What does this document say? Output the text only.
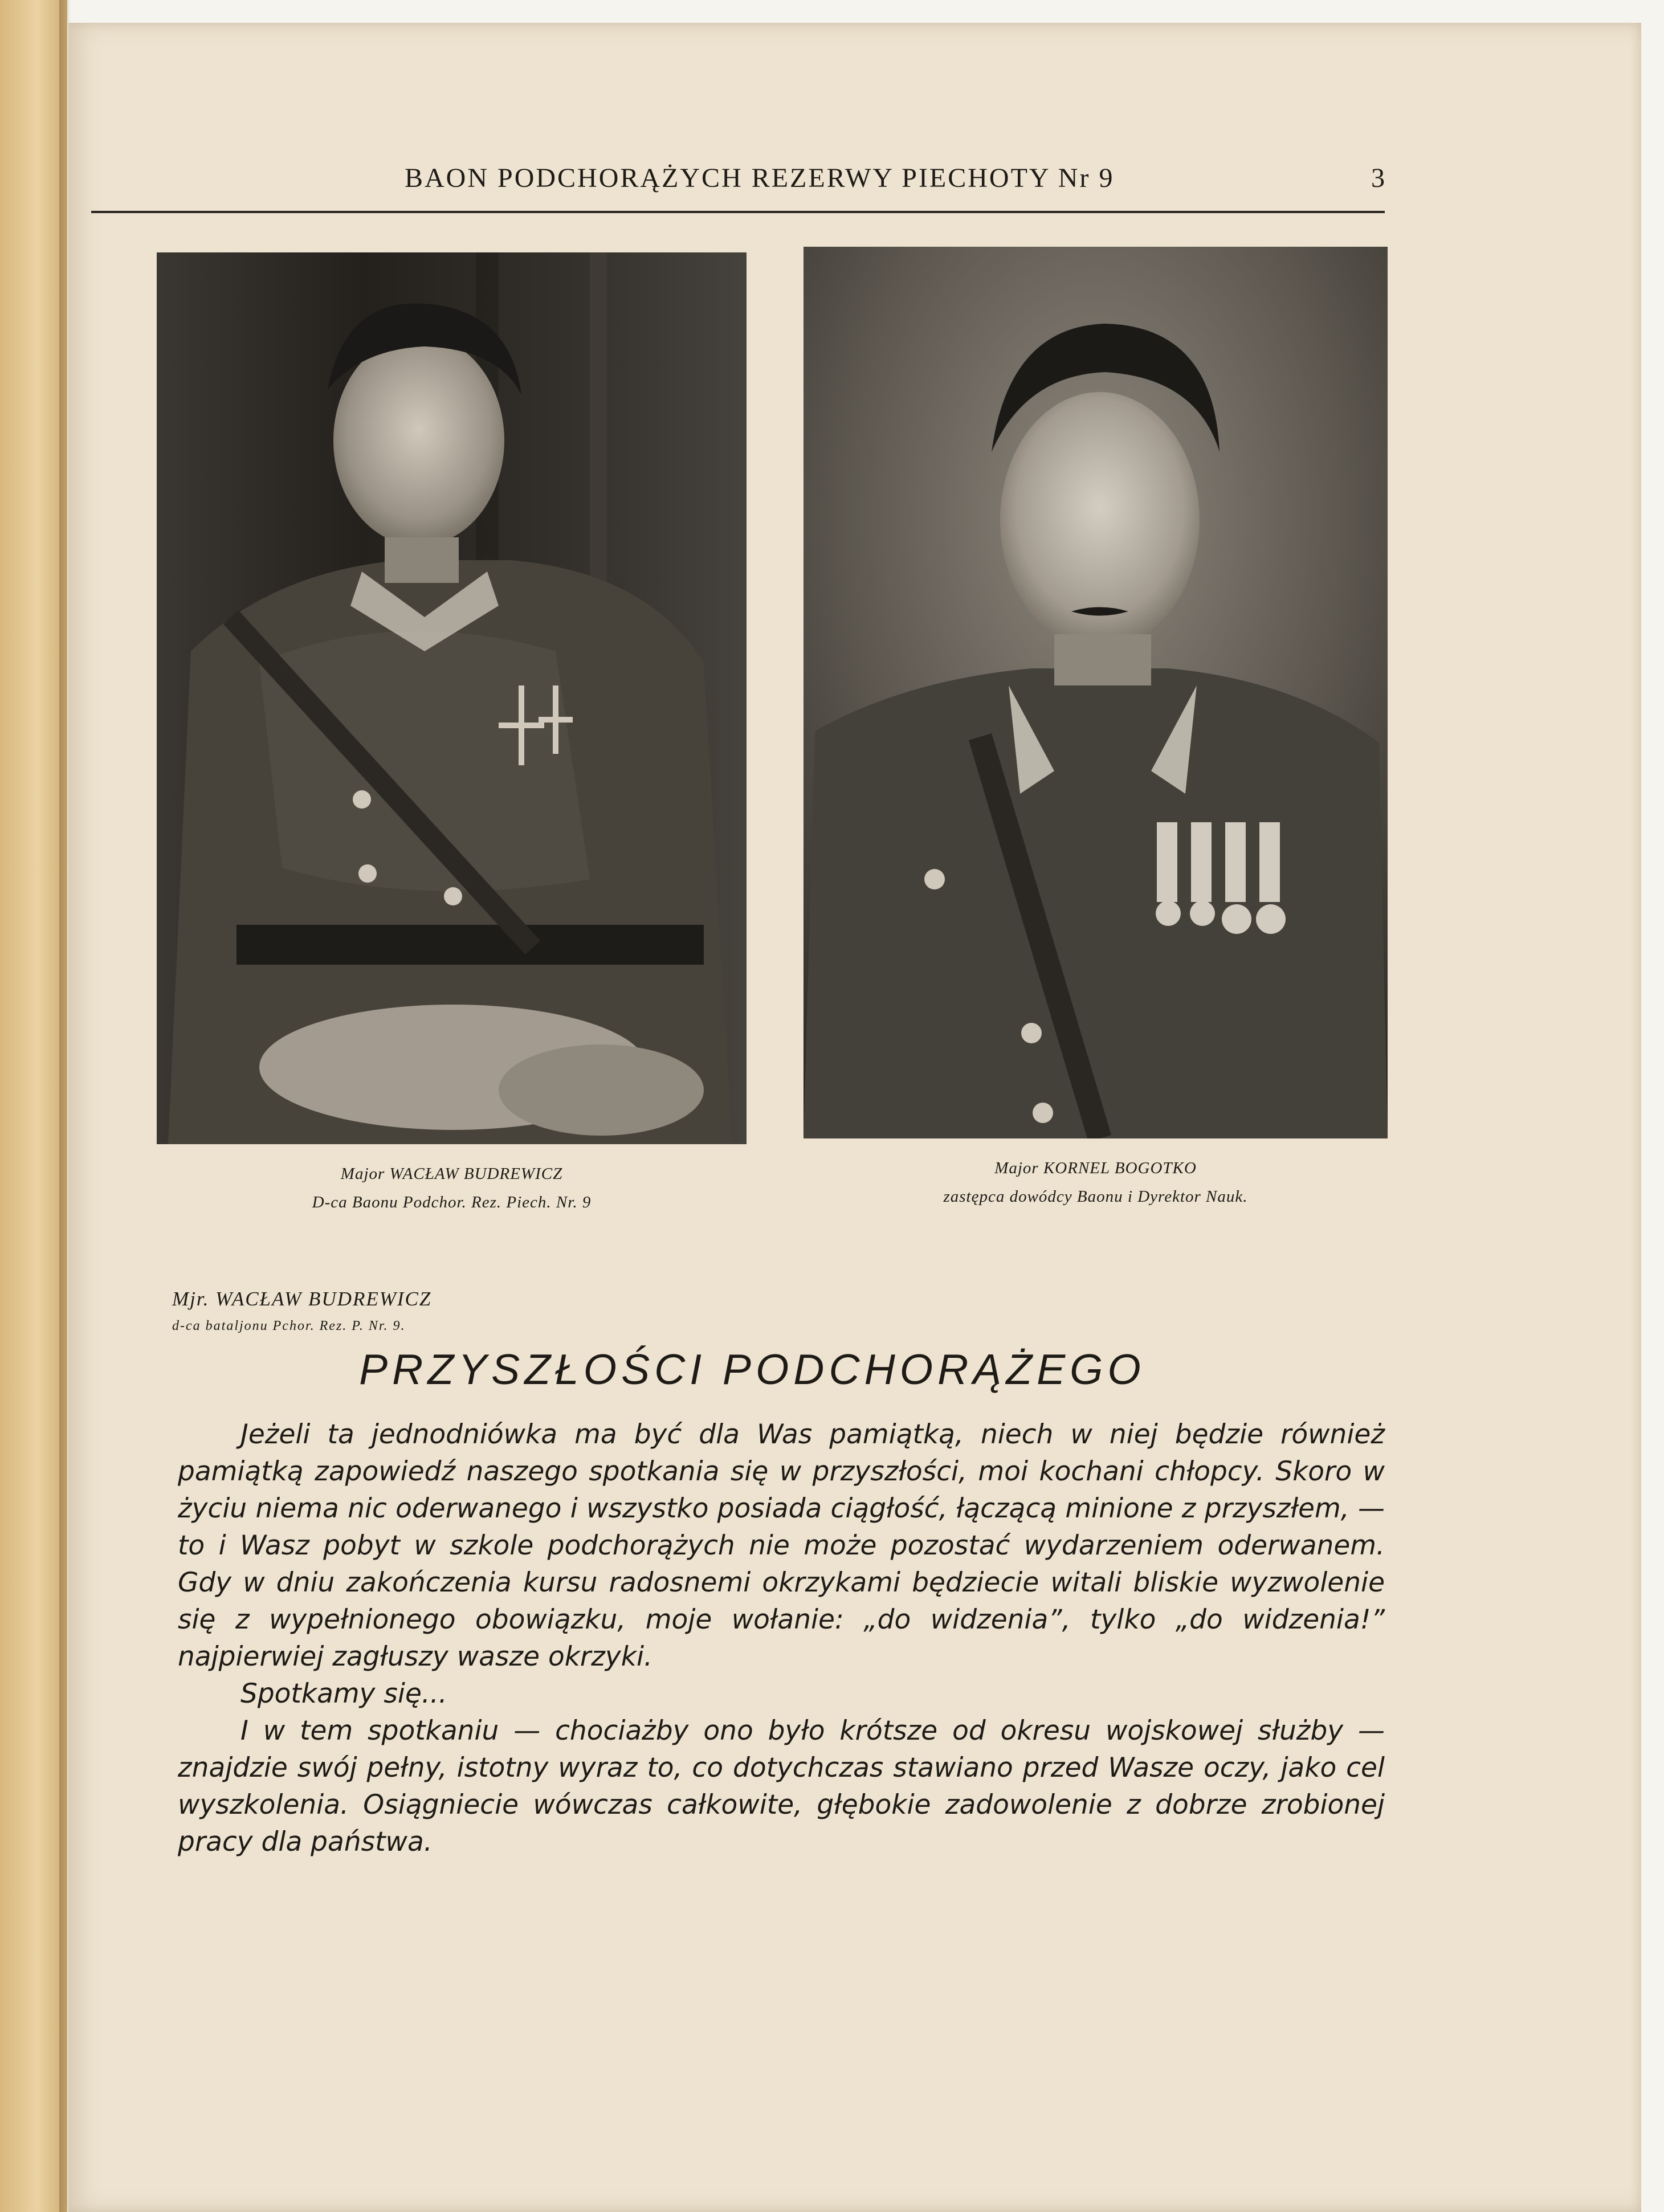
BAON PODCHORĄŻYCH REZERWY PIECHOTY Nr 9	3
Major WACŁAW BUDREWICZ
D-ca Baonu Podchor. Rez. Piech. Nr. 9
Major KORNEL BOGOTKO
zastępca dowódcy Baonu i Dyrektor Nauk.
Mjr. WACŁAW BUDREWICZ
d-ca bataljonu Pchor. Rez. P. Nr. 9.
PRZYSZŁOŚCI PODCHORĄŻEGO

Jeżeli ta jednodniówka ma być dla Was pamiątką, niech w niej będzie również pamiątką zapowiedź naszego spotkania się w przyszłości, moi kochani chłopcy. Skoro w życiu niema nic oderwanego i wszystko posiada ciągłość, łączącą minione z przyszłem, — to i Wasz pobyt w szkole podchorążych nie może pozostać wydarzeniem oderwanem. Gdy w dniu zakończenia kursu radosnemi okrzykami będziecie witali bliskie wyzwolenie się z wypełnionego obowiązku, moje wołanie: „do widzenia”, tylko „do widzenia!” najpierwiej zagłuszy wasze okrzyki.

Spotkamy się...

I w tem spotkaniu — chociażby ono było krótsze od okresu wojskowej służby — znajdzie swój pełny, istotny wyraz to, co dotychczas stawiano przed Wasze oczy, jako cel wyszkolenia. Osiągniecie wówczas całkowite, głębokie zadowolenie z dobrze zrobionej pracy dla państwa.
